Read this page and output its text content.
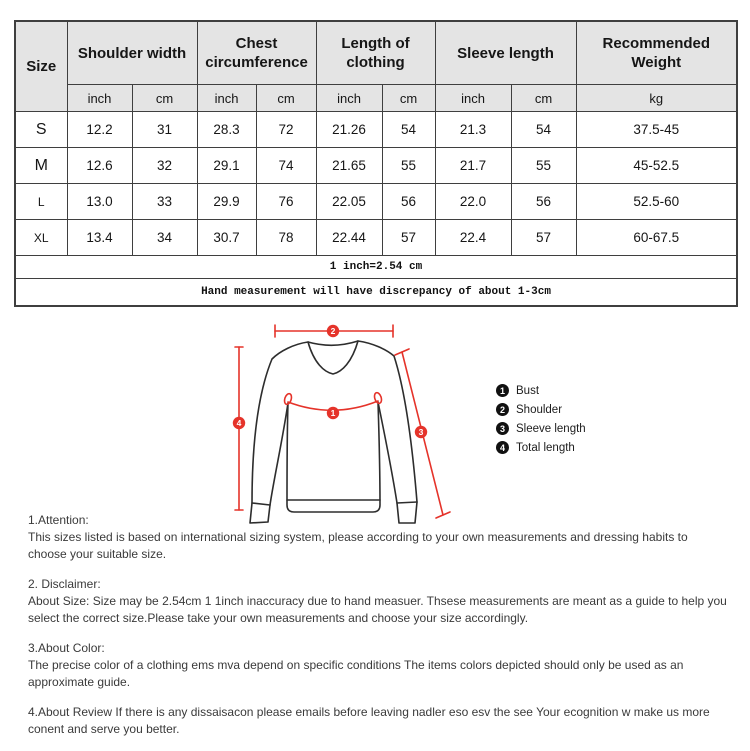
Size	Shoulder width		Chest circumference		Length of clothing		Sleeve length		Recommended Weight
	inch	cm	inch	cm	inch	cm	inch	cm	kg
S	12.2	31	28.3	72	21.26	54	21.3	54	37.5-45
M	12.6	32	29.1	74	21.65	55	21.7	55	45-52.5
L	13.0	33	29.9	76	22.05	56	22.0	56	52.5-60
XL	13.4	34	30.7	78	22.44	57	22.4	57	60-67.5
1 inch=2.54 cm									
Hand measurement will have discrepancy of about 1-3cm									
1
2
3
4
1 Bust
2 Shoulder
3 Sleeve length
4 Total length
1.Attention:
This sizes listed is based on international sizing system, please according to your own measurements and dressing habits to choose your suitable size.
2. Disclaimer:
About Size: Size may be 2.54cm 1 1inch inaccuracy due to hand measuer. Thsese measurements are meant as a guide to help you select the correct size.Please take your own measurements and choose your size accordingly.
3.About Color:
The precise color of a clothing ems mva depend on specific conditions The items colors depicted should only be used as an approximate guide.
4.About Review If there is any dissaisacon please emails before leaving nadler eso esv the see Your ecognition w make us more conent and serve you better.
